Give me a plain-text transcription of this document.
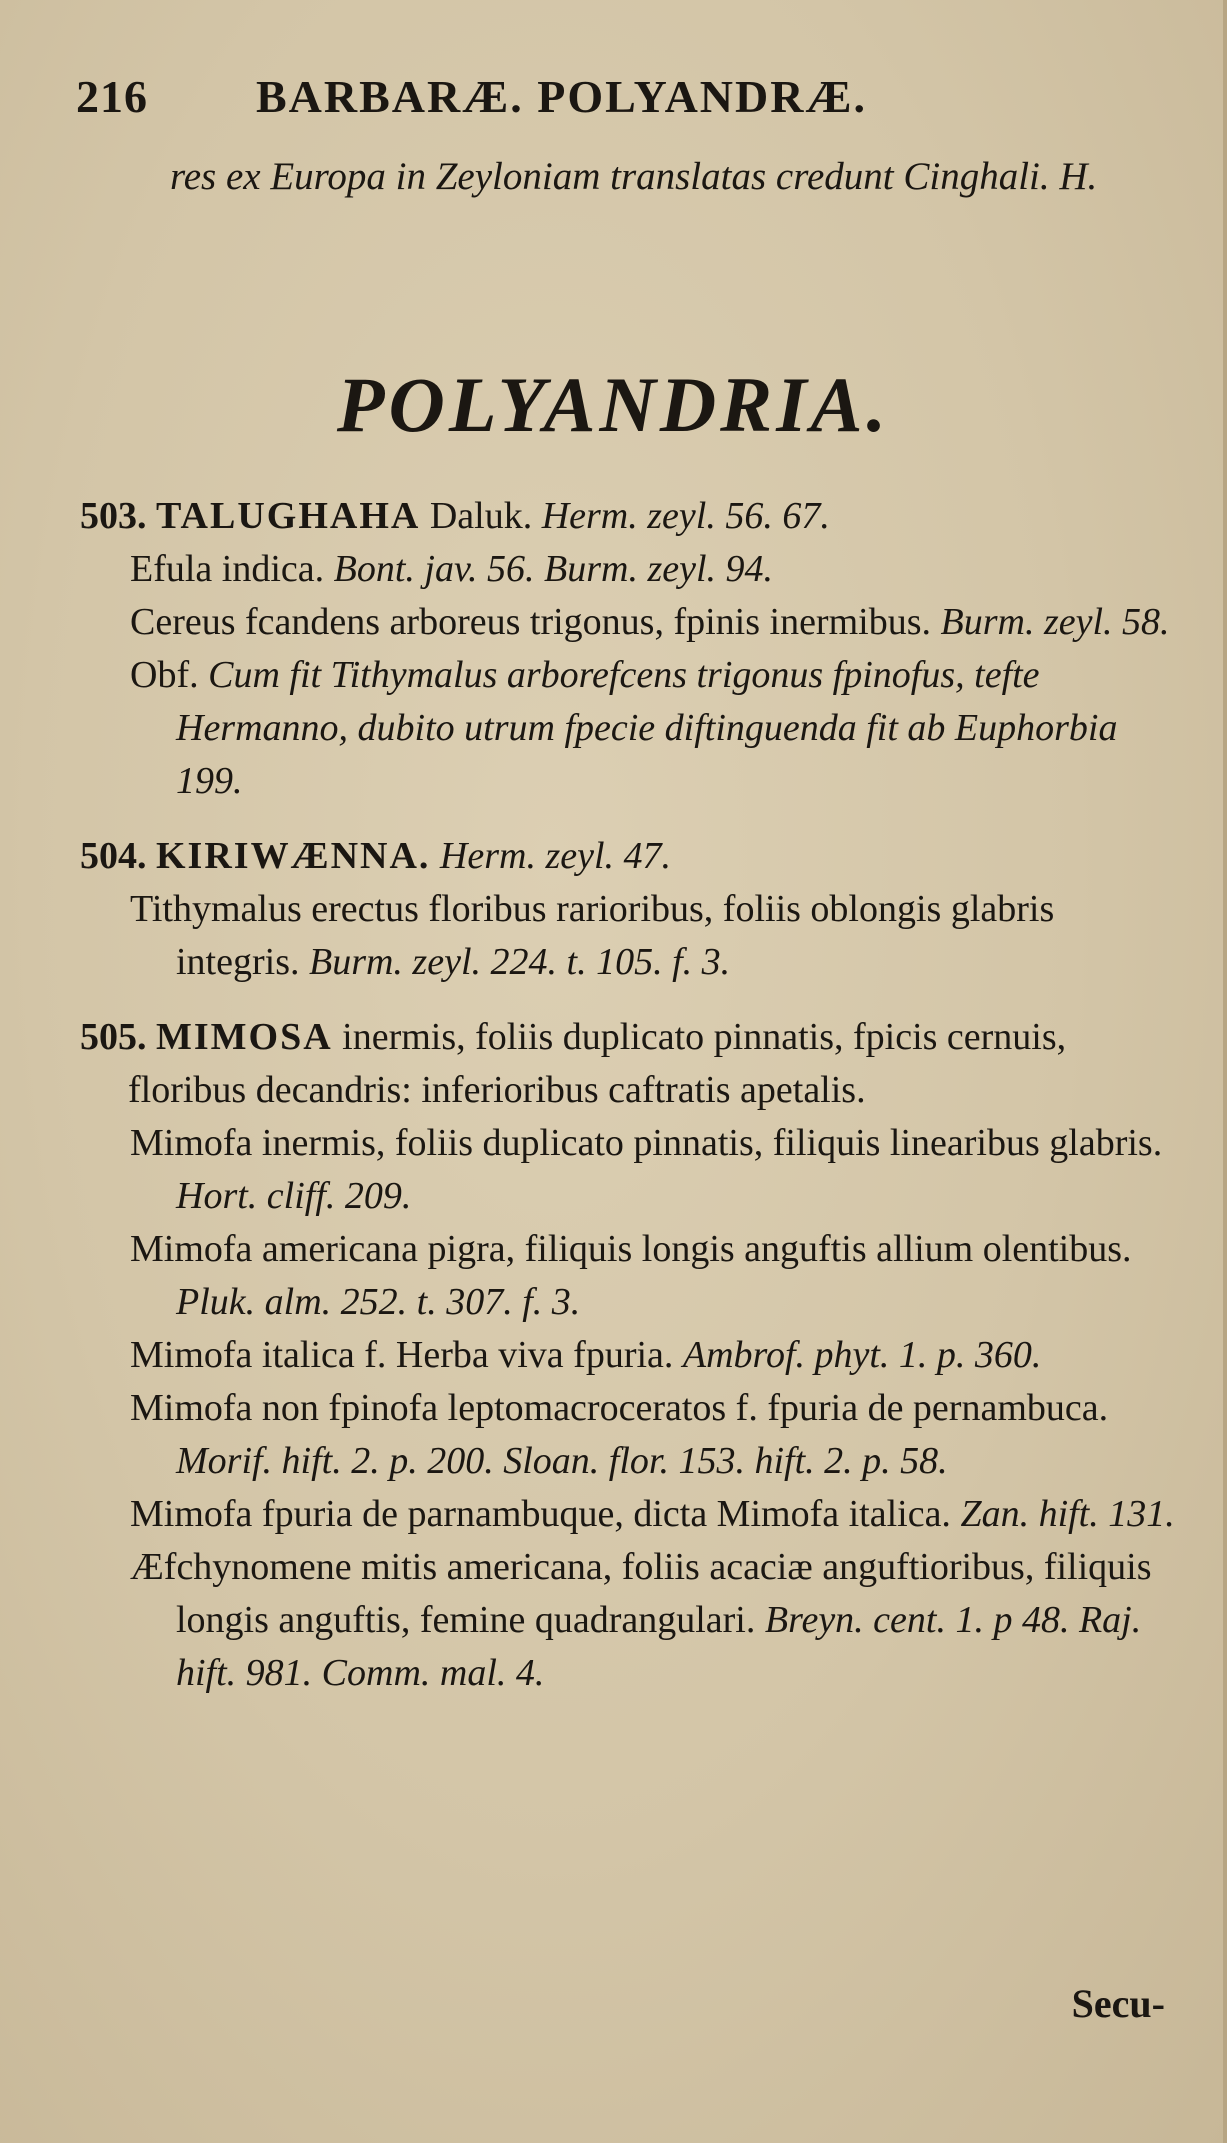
216 BARBARÆ. POLYANDRÆ.
res ex Europa in Zeyloniam translatas credunt Cinghali. H.
POLYANDRIA.
503. TALUGHAHA Daluk. Herm. zeyl. 56. 67.
Efula indica. Bont. jav. 56. Burm. zeyl. 94.
Cereus fcandens arboreus trigonus, fpinis inermibus. Burm. zeyl. 58.
Obf. Cum fit Tithymalus arborefcens trigonus fpinofus, tefte Hermanno, dubito utrum fpecie diftinguenda fit ab Euphorbia 199.
504. KIRIWÆNNA. Herm. zeyl. 47.
Tithymalus erectus floribus rarioribus, foliis oblongis glabris integris. Burm. zeyl. 224. t. 105. f. 3.
505. MIMOSA inermis, foliis duplicato pinnatis, fpicis cernuis, floribus decandris: inferioribus caftratis apetalis.
Mimofa inermis, foliis duplicato pinnatis, filiquis linearibus glabris. Hort. cliff. 209.
Mimofa americana pigra, filiquis longis anguftis allium olentibus. Pluk. alm. 252. t. 307. f. 3.
Mimofa italica f. Herba viva fpuria. Ambrof. phyt. 1. p. 360.
Mimofa non fpinofa leptomacroceratos f. fpuria de pernambuca. Morif. hift. 2. p. 200. Sloan. flor. 153. hift. 2. p. 58.
Mimofa fpuria de parnambuque, dicta Mimofa italica. Zan. hift. 131.
Æfchynomene mitis americana, foliis acaciæ anguftioribus, filiquis longis anguftis, femine quadrangulari. Breyn. cent. 1. p 48. Raj. hift. 981. Comm. mal. 4.
Secu-
